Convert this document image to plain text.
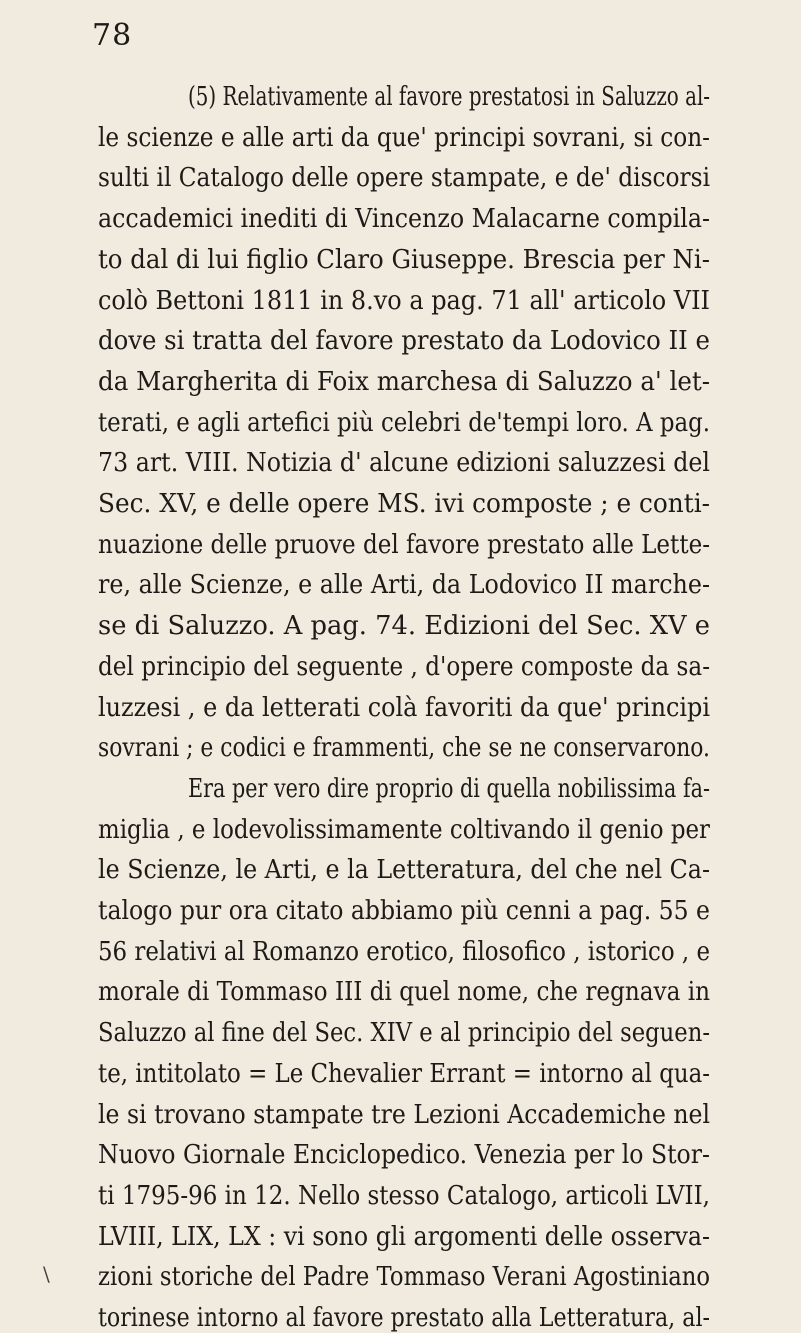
78
\
(5) Relativamente al favore prestatosi in Saluzzo al-
le scienze e alle arti da que' principi sovrani, si con-
sulti il Catalogo delle opere stampate, e de' discorsi
accademici inediti di Vincenzo Malacarne compila-
to dal di lui figlio Claro Giuseppe. Brescia per Ni-
colò Bettoni 1811 in 8.vo a pag. 71 all' articolo VII
dove si tratta del favore prestato da Lodovico II e
da Margherita di Foix marchesa di Saluzzo a' let-
terati, e agli artefici più celebri de'tempi loro. A pag.
73 art. VIII. Notizia d' alcune edizioni saluzzesi del
Sec. XV, e delle opere MS. ivi composte ; e conti-
nuazione delle pruove del favore prestato alle Lette-
re, alle Scienze, e alle Arti, da Lodovico II marche-
se di Saluzzo. A pag. 74. Edizioni del Sec. XV e
del principio del seguente , d'opere composte da sa-
luzzesi , e da letterati colà favoriti da que' principi
sovrani ; e codici e frammenti, che se ne conservarono.
Era per vero dire proprio di quella nobilissima fa-
miglia , e lodevolissimamente coltivando il genio per
le Scienze, le Arti, e la Letteratura, del che nel Ca-
talogo pur ora citato abbiamo più cenni a pag. 55 e
56 relativi al Romanzo erotico, filosofico , istorico , e
morale di Tommaso III di quel nome, che regnava in
Saluzzo al fine del Sec. XIV e al principio del seguen-
te, intitolato = Le Chevalier Errant = intorno al qua-
le si trovano stampate tre Lezioni Accademiche nel
Nuovo Giornale Enciclopedico. Venezia per lo Stor-
ti 1795-96 in 12. Nello stesso Catalogo, articoli LVII,
LVIII, LIX, LX : vi sono gli argomenti delle osserva-
zioni storiche del Padre Tommaso Verani Agostiniano
torinese intorno al favore prestato alla Letteratura, al-
